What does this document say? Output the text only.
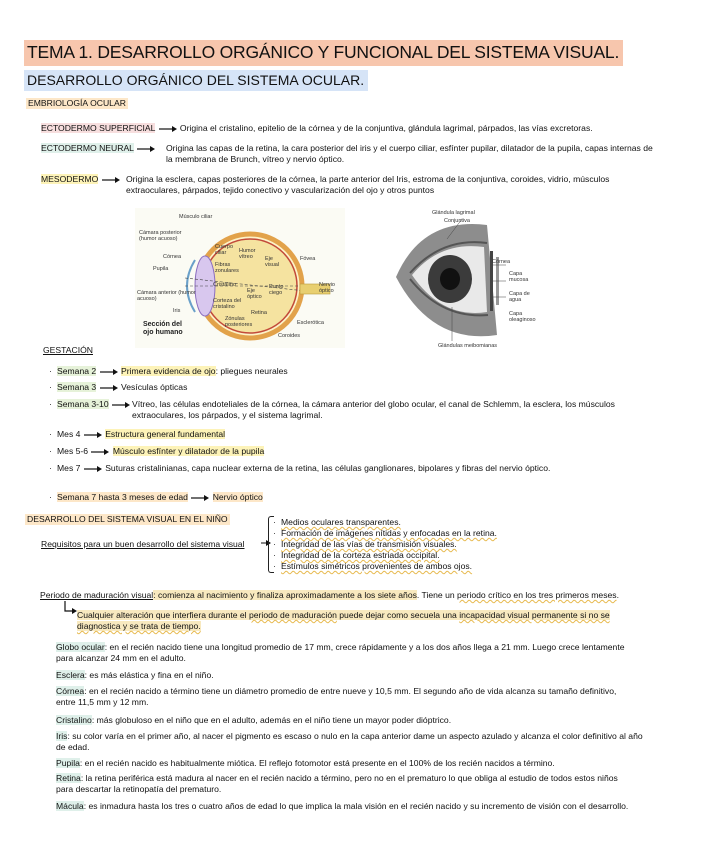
TEMA 1. DESARROLLO ORGÁNICO Y FUNCIONAL DEL SISTEMA VISUAL.
DESARROLLO ORGÁNICO DEL SISTEMA OCULAR.
EMBRIOLOGÍA OCULAR
ECTODERMO SUPERFICIAL	Origina el cristalino, epitelio de la córnea y de la conjuntiva, glándula lagrimal, párpados, las vías excretoras.
ECTODERMO NEURAL	Origina las capas de la retina, la cara posterior del iris y el cuerpo ciliar, esfínter pupilar, dilatador de la pupila, capas internas de
la membrana de Brunch, vítreo y nervio óptico.
MESODERMO	Origina la esclera, capas posteriores de la córnea, la parte anterior del Iris, estroma de la conjuntiva, coroides, vidrio, músculos
extraoculares, párpados, tejido conectivo y vascularización del ojo y otros puntos
Músculo ciliar
Cámara posterior (humor acuoso)
Córnea
Pupila
Cámara anterior (humor acuoso)
Iris
Cuerpo ciliar	Humor vítreo
Fibras zonulares
Eje visual
Fóvea
Cristalino
Eje óptico
Punto ciego
Nervio óptico
Corteza del cristalino
Retina
Zónulas posteriores	Esclerótica
Coroides
Sección del
ojo humano
Glándula lagrimal
Conjuntiva
Córnea
Capa mucosa
Capa de agua
Capa oleaginoso
Glándulas meibomianas
GESTACIÓN
· Semana 2	Primera evidencia de ojo: pliegues neurales
· Semana 3	Vesículas ópticas
· Semana 3-10	Vítreo, las células endoteliales de la córnea, la cámara anterior del globo ocular, el canal de Schlemm, la esclera, los músculos
extraoculares, los párpados, y el sistema lagrimal.
· Mes 4	Estructura general fundamental
· Mes 5-6	Músculo esfínter y dilatador de la pupila
· Mes 7	Suturas cristalinianas, capa nuclear externa de la retina, las células ganglionares, bipolares y fibras del nervio óptico.
· Semana 7 hasta 3 meses de edad	Nervio óptico
DESARROLLO DEL SISTEMA VISUAL EN EL NIÑO
Requisitos para un buen desarrollo del sistema visual
· Medios oculares transparentes.
· Formación de imágenes nítidas y enfocadas en la retina.
· Integridad de las vías de transmisión visuales.
· Integridad de la corteza estriada occipital.
· Estímulos simétricos provenientes de ambos ojos.
Periodo de maduración visual: comienza al nacimiento y finaliza aproximadamente a los siete años. Tiene un periodo crítico en los tres primeros meses.
Cualquier alteración que interfiera durante el periodo de maduración puede dejar como secuela una incapacidad visual permanente si no se
diagnostica y se trata de tiempo.
Globo ocular: en el recién nacido tiene una longitud promedio de 17 mm, crece rápidamente y a los dos años llega a 21 mm. Luego crece lentamente
para alcanzar 24 mm en el adulto.
Esclera: es más elástica y fina en el niño.
Córnea: en el recién nacido a término tiene un diámetro promedio de entre nueve y 10,5 mm. El segundo año de vida alcanza su tamaño definitivo,
entre 11,5 mm y 12 mm.
Cristalino: más globuloso en el niño que en el adulto, además en el niño tiene un mayor poder dióptrico.
Iris: su color varía en el primer año, al nacer el pigmento es escaso o nulo en la capa anterior dame un aspecto azulado y alcanza el color definitivo al año
de edad.
Pupila: en el recién nacido es habitualmente miótica. El reflejo fotomotor está presente en el 100% de los recién nacidos a término.
Retina: la retina periférica está madura al nacer en el recién nacido a término, pero no en el prematuro lo que obliga al estudio de todos estos niños
para descartar la retinopatía del prematuro.
Mácula: es inmadura hasta los tres o cuatro años de edad lo que implica la mala visión en el recién nacido y su incremento de visión con el desarrollo.
